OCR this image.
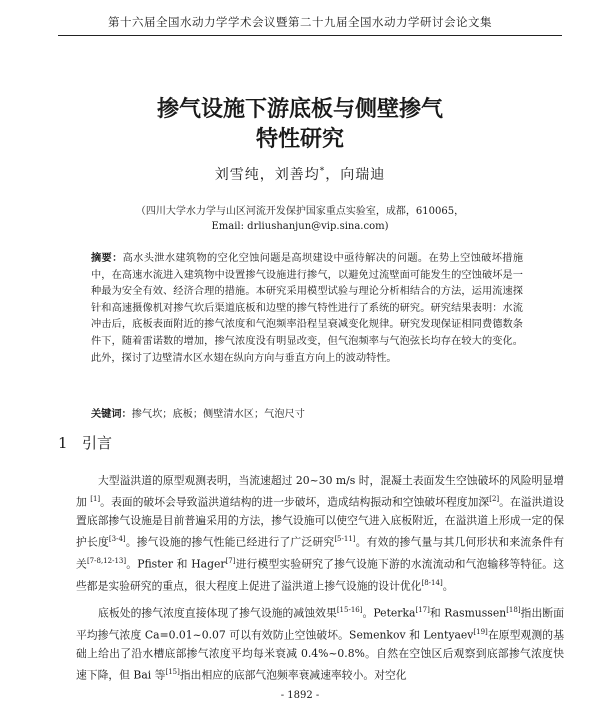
第十六届全国水动力学学术会议暨第二十九届全国水动力学研讨会论文集
掺气设施下游底板与侧壁掺气
特性研究
刘雪纯，刘善均*，向瑞迪
（四川大学水力学与山区河流开发保护国家重点实验室，成都，610065，
Email: drliushanjun@vip.sina.com)

摘要：高水头泄水建筑物的空化空蚀问题是高坝建设中亟待解决的问题。在势上空蚀破坏措施中，在高速水流进入建筑物中设置掺气设施进行掺气，以避免过流壁面可能发生的空蚀破坏是一种最为安全有效、经济合理的措施。本研究采用模型试验与理论分析相结合的方法，运用流速探针和高速摄像机对掺气坎后渠道底板和边壁的掺气特性进行了系统的研究。研究结果表明：水流冲击后，底板表面附近的掺气浓度和气泡频率沿程呈衰减变化规律。研究发现保证相同费德数条件下，随着雷诺数的增加，掺气浓度没有明显改变，但气泡频率与气泡弦长均存在较大的变化。此外，探讨了边壁清水区水翅在纵向方向与垂直方向上的波动特性。

关键词：掺气坎；底板；侧壁清水区；气泡尺寸
1 引言

大型溢洪道的原型观测表明，当流速超过 20~30 m/s 时，混凝土表面发生空蚀破坏的风险明显增加 [1]。表面的破坏会导致溢洪道结构的进一步破坏，造成结构振动和空蚀破坏程度加深[2]。在溢洪道设置底部掺气设施是目前普遍采用的方法，掺气设施可以使空气进入底板附近，在溢洪道上形成一定的保护长度[3-4]。掺气设施的掺气性能已经进行了广泛研究[5-11]。有效的掺气量与其几何形状和来流条件有关[7-8,12-13]。Pfister 和 Hager[7]进行模型实验研究了掺气设施下游的水流流动和气泡输移等特征。这些都是实验研究的重点，很大程度上促进了溢洪道上掺气设施的设计优化[8-14]。

底板处的掺气浓度直接体现了掺气设施的减蚀效果[15-16]。Peterka[17]和 Rasmussen[18]指出断面平均掺气浓度 Ca=0.01~0.07 可以有效防止空蚀破坏。Semenkov 和 Lentyaev[19]在原型观测的基础上给出了沿水槽底部掺气浓度平均每米衰减 0.4%~0.8%。自然在空蚀区后观察到底部掺气浓度快速下降，但 Bai 等[15]指出相应的底部气泡频率衰减速率较小。对空化

- 1892 -
